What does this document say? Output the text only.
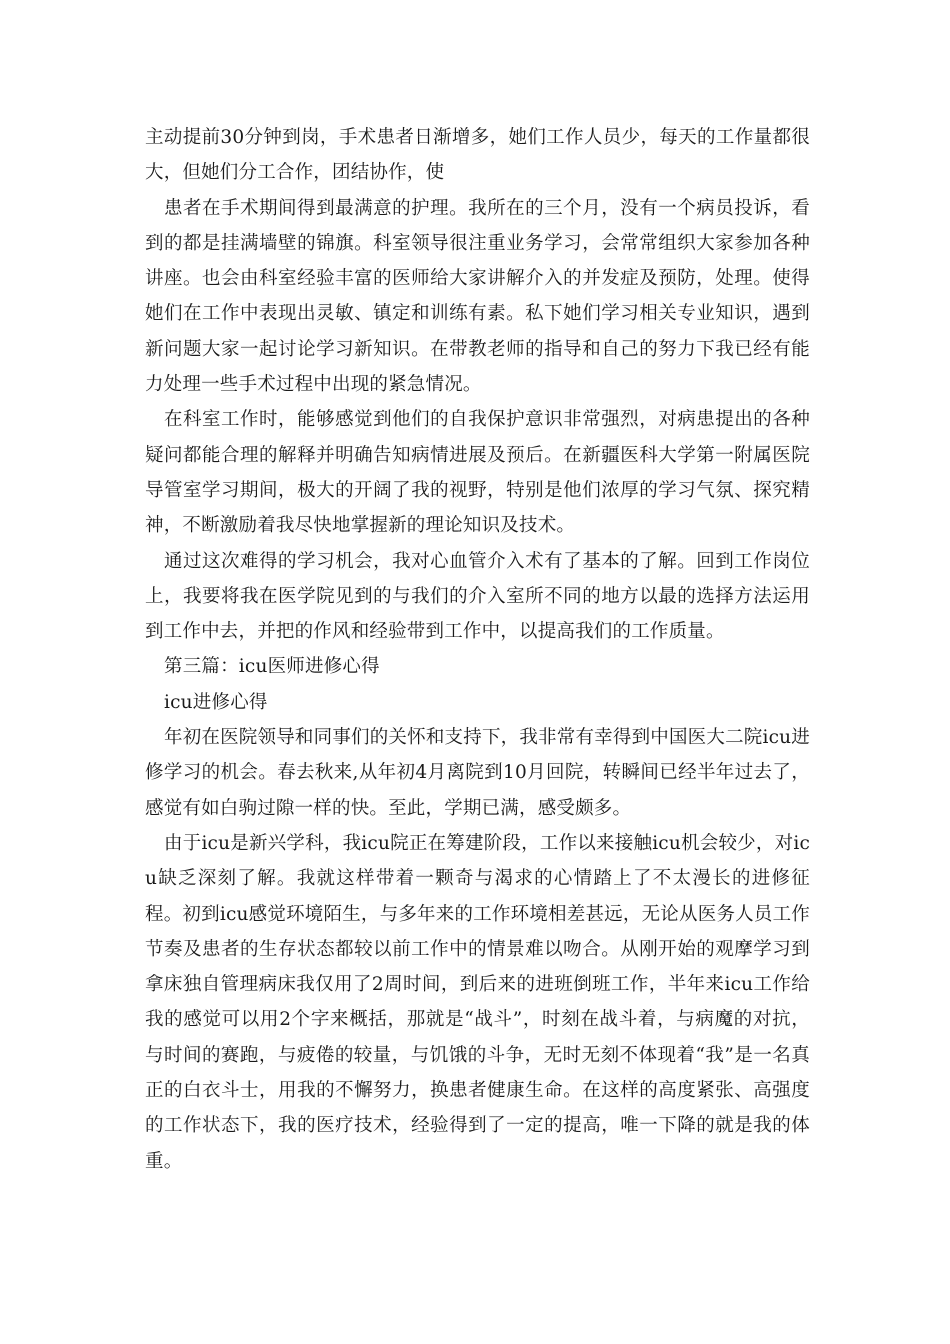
主动提前30分钟到岗，手术患者日渐增多，她们工作人员少，每天的工作量都很大，但她们分工合作，团结协作，使

患者在手术期间得到最满意的护理。我所在的三个月，没有一个病员投诉，看到的都是挂满墙壁的锦旗。科室领导很注重业务学习，会常常组织大家参加各种讲座。也会由科室经验丰富的医师给大家讲解介入的并发症及预防，处理。使得她们在工作中表现出灵敏、镇定和训练有素。私下她们学习相关专业知识，遇到新问题大家一起讨论学习新知识。在带教老师的指导和自己的努力下我已经有能力处理一些手术过程中出现的紧急情况。

在科室工作时，能够感觉到他们的自我保护意识非常强烈，对病患提出的各种疑问都能合理的解释并明确告知病情进展及预后。在新疆医科大学第一附属医院导管室学习期间，极大的开阔了我的视野，特别是他们浓厚的学习气氛、探究精神，不断激励着我尽快地掌握新的理论知识及技术。

通过这次难得的学习机会，我对心血管介入术有了基本的了解。回到工作岗位上，我要将我在医学院见到的与我们的介入室所不同的地方以最的选择方法运用到工作中去，并把的作风和经验带到工作中，以提高我们的工作质量。

第三篇：icu医师进修心得

icu进修心得

年初在医院领导和同事们的关怀和支持下，我非常有幸得到中国医大二院icu进修学习的机会。春去秋来,从年初4月离院到10月回院，转瞬间已经半年过去了，感觉有如白驹过隙一样的快。至此，学期已满，感受颇多。

由于icu是新兴学科，我icu院正在筹建阶段，工作以来接触icu机会较少，对icu缺乏深刻了解。我就这样带着一颗奇与渴求的心情踏上了不太漫长的进修征程。初到icu感觉环境陌生，与多年来的工作环境相差甚远，无论从医务人员工作节奏及患者的生存状态都较以前工作中的情景难以吻合。从刚开始的观摩学习到拿床独自管理病床我仅用了2周时间，到后来的进班倒班工作，半年来icu工作给我的感觉可以用2个字来概括，那就是“战斗”，时刻在战斗着，与病魔的对抗，与时间的赛跑，与疲倦的较量，与饥饿的斗争，无时无刻不体现着“我”是一名真正的白衣斗士，用我的不懈努力，换患者健康生命。在这样的高度紧张、高强度的工作状态下，我的医疗技术，经验得到了一定的提高，唯一下降的就是我的体重。
